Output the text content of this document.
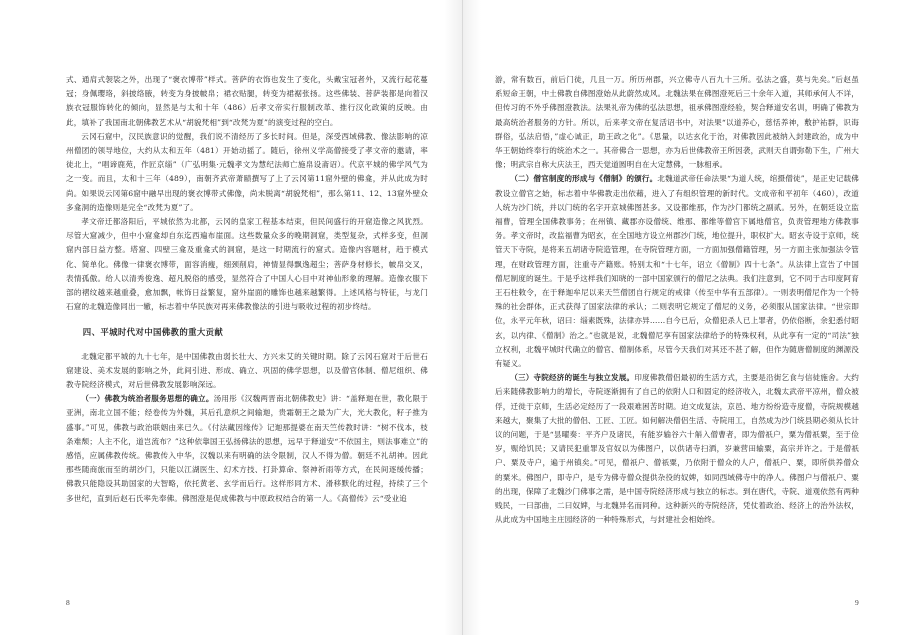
式、通肩式袈裟之外，出现了“褒衣博带”样式。菩萨的衣饰也发生了变化，头戴宝冠者外，又流行起花蔓冠；身佩璎珞，斜披络腋，转变为身披帔帛；裙衣贴腿，转变为裙裾张扬。这些佛装、菩萨装都是向着汉族衣冠服饰转化的倾向，显然是与太和十年（486）后孝文帝实行服制改革、推行汉化政策的反映。由此，填补了我国南北朝佛教艺术从“胡貌梵相”到“改梵为夏”的演变过程的空白。

云冈石窟中，汉民族意识的觉醒，我们说不清经历了多长时间。但是，深受西域佛教、像法影响的凉州僧团的领导地位，大约从太和五年（481）开始动摇了。随后，徐州义学高僧接受了孝文帝的邀请，率徒北上，“唱谛鹿苑，作匠京缁”（广弘明集·元魏孝文为慧纪法师亡施帛设斋诏）。代京平城的佛学风气为之一变。而且，太和十三年（489），南朝齐武帝萧赜撰写了上了云冈第11窟外壁的佛龛，并从此成为时尚。如果说云冈第6窟中融早出现的褒衣博带式佛像，尚未脱离“胡貌梵相”，那么第11、12、13窟外壁众多龛洞的造像则是完全“改梵为夏”了。

孝文帝迁都洛阳后，平城依然为北都，云冈的皇家工程基本结束，但民间盛行的开窟造像之风犹烈。尽管大窟减少，但中小窟龛却自东迄西遍布崖面。这些数量众多的晚期洞窟，类型复杂，式样多变，但洞窟内部日益方整。塔窟、四壁三龛及重龛式的洞窟，是这一时期流行的窟式。造像内容题材，趋于模式化、简单化。佛像一律褒衣博带，面容消瘦，细颈削肩，神情显得飘逸超尘；菩萨身材修长，帔帛交叉，表情孤傲。给人以清秀俊逸、超凡脱俗的感受，显然符合了中国人心目中对神仙形象的理解。造像衣服下部的褶纹越来越重叠，愈加飘，帐饰日益繁复，窟外崖面的雕饰也越来越繁得。上述风格与特征，与龙门石窟的北魏造像同出一辙，标志着中华民族对再来佛教像法的引进与吸收过程的初步终结。

四、平城时代对中国佛教的重大贡献

北魏定都平城的九十七年，是中国佛教由弱长壮大、方兴未艾的关键时期。除了云冈石窟对于后世石窟建设、美术发展的影响之外，此间引进、形成、确立、巩固的佛学思想，以及僧官体制、僧尼组织、佛教寺院经济模式，对后世佛教发展影响深远。

（一）佛教为统治者服务思想的确立。汤用彤《汉魏两晋南北朝佛教史》讲：“盖释迦在世，教化限于亚洲，南北立国不能；经卷传为外魏，其后孔意炽之间输迦，贵霜朝王之最为广大，光大教化，籽子推为盛事。”可见，佛教与政治联姻由来已久。《付法藏因缘传》记迦那提婆在南天竺传教时讲：“树不伐本，枝条难颓；人主不化，道岂流布？”这种依靠国王弘扬佛法的思想，远早于释道安“不依国主，则法事难立”的感悟，应属佛教传统。佛教传入中华，汉魏以来有明确的法令限制，汉人不得为僧。朝廷不礼胡神。因此那些随商旅而至的胡沙门，只能以江湖医生、幻术方技、打卦算命、祭神祈雨等方式，在民间逐缓传播；佛教只能隐设其助国家的大智略，依托黄老、玄学而后行。这样形同方术、滑移默化的过程，持续了三个多世纪，直到后赵石氏率先奉佛。佛图澄是促成佛教与中原政权结合的第一人。《高僧传》云“受业追

8

游，常有数百，前后门徒，几且一万。所历州郡，兴立佛寺八百九十三所。弘法之盛，莫与先矣。”后赵虽系短命王朝，中土佛教自佛图澄始从此蔚然成风。北魏法果在佛图澄死后三十余年入道，其师承何人不详，但传习的不外乎佛图澄教法。法果礼帝为佛的弘法思想，祖承佛图澄经验，契合释道安名训，明确了佛教为最高统治者服务的方针。所以，后来孝文帝在复活诏书中，对法果“以道养心，慈恬养神，敷护祐群，识诲群俗，弘法启悟，”虚心诚正，助王政之化”。《思量，以达玄化于治，对佛教因此被纳入封建政治，成为中华王朝始终奉行的统治术之一。其帝佛合一思想，亦为后世佛教帝王所因袭，武则天自谓弥勒下生，广州大像；明武宗自称大庆法王，西天觉道圆明自在大定慧佛，一脉相承。

（二）僧官制度的形成与《僧制》的颁行。北魏道武帝任命法果“为道人统，绾摄僧徒”，是正史记载佛教设立僧官之始，标志着中华佛教走出依藉，进入了有组织管理的新时代。文成帝和平初年（460），改道人统为沙门统，并以门统的名字开京城佛图甚多。又设都维那，作为沙门都统之副贰。另外，在朝廷设立监福曹，管理全国佛教事务；在州镇、藏郡亦设僧统、维那、都维等僧官下属地僧官，负责管理地方佛教事务。孝文帝时，改监福曹为昭玄，在全国地方设立州郡沙门统，地位提升，职权扩大。昭玄寺设于京师，统管天下寺院，是将来五胡诸寺院造管理，在寺院管理方面，一方面加强僧籍管理，另一方面主张加强法令管理，在财政管理方面，注重寺产籍账。特别太和“十七年，诏立《僧制》四十七条”。从法律上宣告了中国僧尼制度的诞生。于是乎这样我们知晓的一部中国家颁行的僧尼之法典。我们注意到，它不同于古印度阿育王石柱敕令，在于释迦牟尼以来天竺僧团自行规定的戒律（传至中华有五部律）。一则表明僧尼作为一个特殊的社会群体，正式获得了国家法律的承认；二则表明它规定了僧尼的义务，必须服从国家法律。“世宗即位，永平元年秋，诏曰：缁素既殊，法律亦异……自今已后，众僧犯杀人已上罪者，仍依俗断，余犯悉付昭玄，以内律、《僧制》治之。”也就是说，北魏僧尼享有国家法律给予的特殊权利，从此享有一定的“司法”独立权利，北魏平城时代确立的僧官、僧制体系，尽管今天我们对其还不甚了解，但作为随唐僧制度的渊源没有疑义。

（三）寺院经济的诞生与独立发展。印度佛教僧侣最初的生活方式，主要是沿街乞食与信徒施舍。大约后来随佛教影响力的增长，寺院逐渐拥有了自己的依附人口和固定的经济收入，北魏太武帝平凉州，僧众被俘，迁徙于京师，生活必定经历了一段艰难困苦时期。迫文成复法，京邑、地方纷纷造寺度僧，寺院规模越来越大，聚集了大批的僧侣、工匠、工匠。如何解决僧侣生活、寺院用工，自然成为沙门统县期必须从长计议的问题，于是“昙曜奏：平齐户及诸民，有能岁输谷六十斛入僧曹者，即为僧祇户，粟为僧祇粟，至于俭岁，赈给饥民；又请民犯重罪及官奴以为佛图户，以供诸寺扫洒，岁兼营田输粟，高宗并许之。于是僧祇户、粟及寺户，遍于州镇矣。”可见，僧祇户、僧祇粟，乃依附于僧众的人户，僧祇户、粟，即所供养僧众的粟米。佛图户，即寺户，是专为佛寺僧众提供杂役的奴婢，如同西域佛寺中的净人。佛图户与僧祇户、粟的出现，保障了北魏沙门佛事之需，是中国寺院经济形成与独立的标志。到在唐代，寺院、道观依然有两种贱民，一曰部曲，二曰奴婢，与北魏异名而同种。这种新兴的寺院经济，凭仗着政治、经济上的治外法权，从此成为中国地主庄园经济的一种特殊形式，与封建社会相始终。

9
